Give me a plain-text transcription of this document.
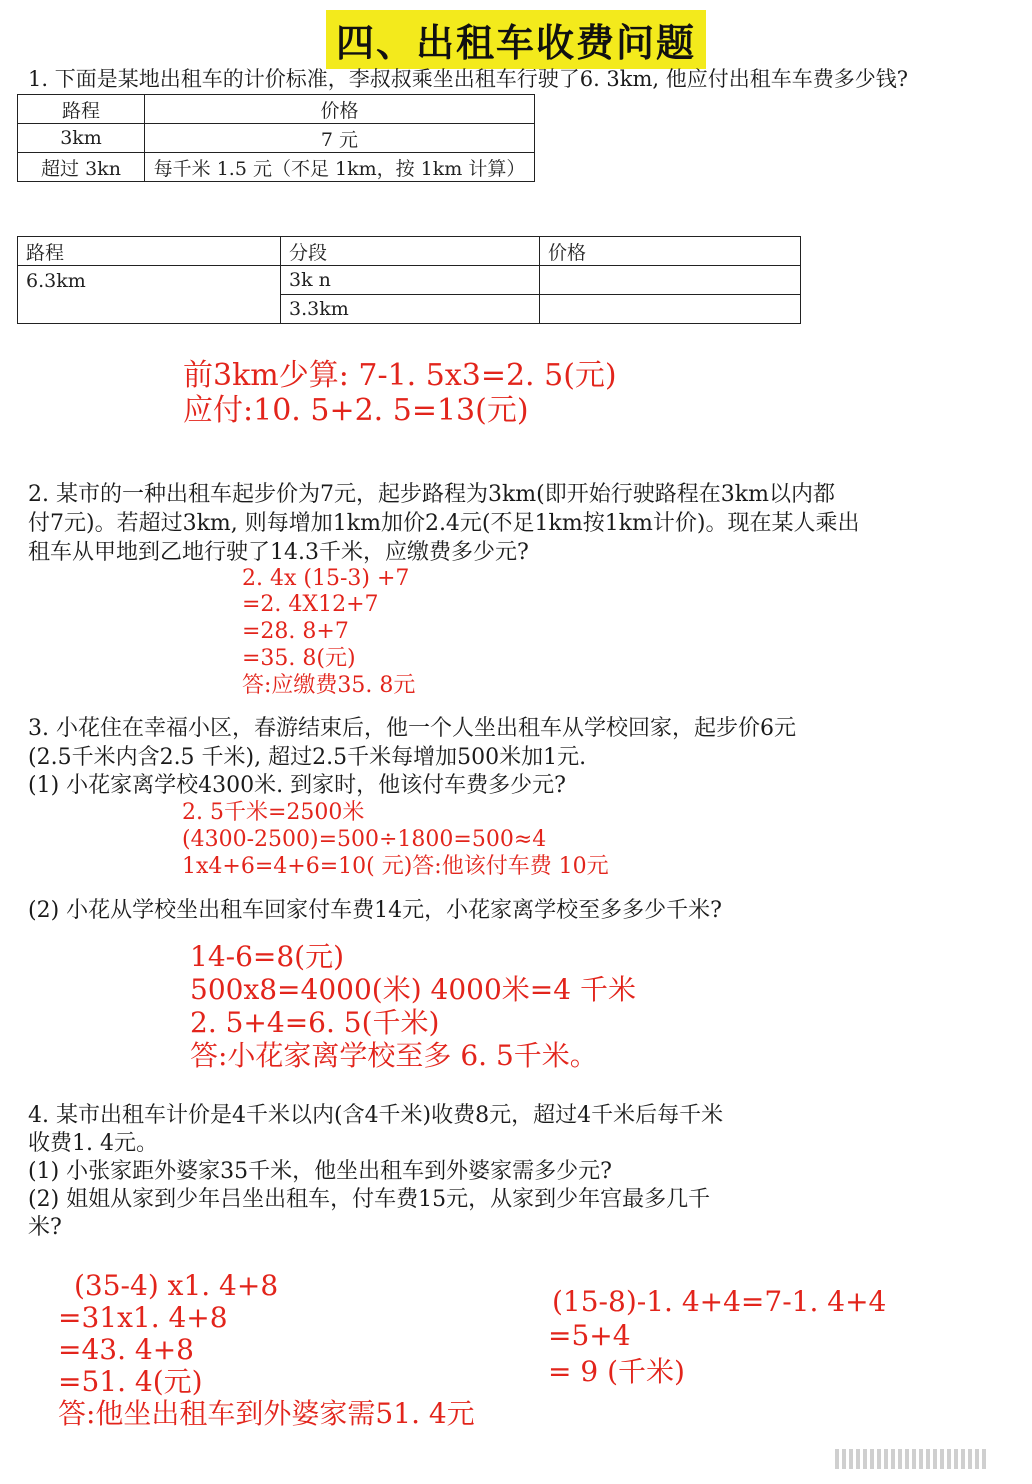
四、出租车收费问题
1. 下面是某地出租车的计价标准，李叔叔乘坐出租车行驶了6. 3km, 他应付出租车车费多少钱?
路程	价格
3km	7 元
超过 3kn	每千米 1.5 元（不足 1km，按 1km 计算）
路程	分段	价格
6.3km	3k n	
	3.3km	
前3km少算: 7-1. 5x3=2. 5(元)
应付:10. 5+2. 5=13(元)
2. 某市的一种出租车起步价为7元，起步路程为3km(即开始行驶路程在3km以内都
付7元)。若超过3km, 则每增加1km加价2.4元(不足1km按1km计价)。现在某人乘出
租车从甲地到乙地行驶了14.3千米，应缴费多少元?
2. 4x (15-3) +7
=2. 4X12+7
=28. 8+7
=35. 8(元)
答:应缴费35. 8元
3. 小花住在幸福小区，春游结束后，他一个人坐出租车从学校回家，起步价6元
(2.5千米内含2.5 千米), 超过2.5千米每增加500米加1元.
(1) 小花家离学校4300米. 到家时，他该付车费多少元?
2. 5千米=2500米
(4300-2500)=500÷1800=500≈4
1x4+6=4+6=10( 元)答:他该付车费 10元
(2) 小花从学校坐出租车回家付车费14元，小花家离学校至多多少千米?
14-6=8(元)
500x8=4000(米) 4000米=4 千米
2. 5+4=6. 5(千米)
答:小花家离学校至多 6. 5千米。
4. 某市出租车计价是4千米以内(含4千米)收费8元，超过4千米后每千米
收费1. 4元。
(1) 小张家距外婆家35千米，他坐出租车到外婆家需多少元?
(2) 姐姐从家到少年吕坐出租车，付车费15元，从家到少年宫最多几千
米?
(35-4) x1. 4+8
=31x1. 4+8
=43. 4+8
=51. 4(元)
答:他坐出租车到外婆家需51. 4元
(15-8)-1. 4+4=7-1. 4+4
=5+4
= 9 (千米)
